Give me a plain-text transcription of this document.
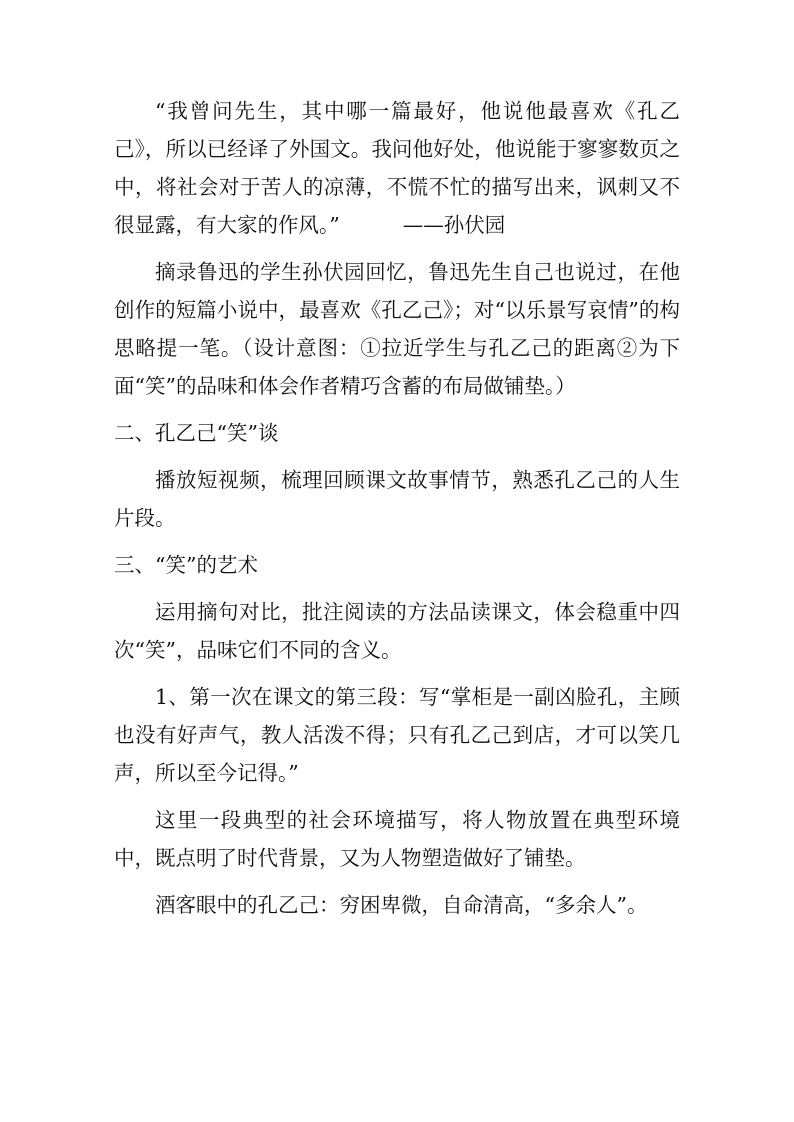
“我曾问先生，其中哪一篇最好，他说他最喜欢《孔乙己》，所以已经译了外国文。我问他好处，他说能于寥寥数页之中，将社会对于苦人的凉薄，不慌不忙的描写出来，讽刺又不很显露，有大家的作风。”	——孙伏园

摘录鲁迅的学生孙伏园回忆，鲁迅先生自己也说过，在他创作的短篇小说中，最喜欢《孔乙己》；对“以乐景写哀情”的构思略提一笔。（设计意图：①拉近学生与孔乙己的距离②为下面“笑”的品味和体会作者精巧含蓄的布局做铺垫。）

二、孔乙己“笑”谈

播放短视频，梳理回顾课文故事情节，熟悉孔乙己的人生片段。

三、“笑”的艺术

运用摘句对比，批注阅读的方法品读课文，体会稳重中四次“笑”，品味它们不同的含义。

1、第一次在课文的第三段：写“掌柜是一副凶脸孔，主顾也没有好声气，教人活泼不得；只有孔乙己到店，才可以笑几声，所以至今记得。”

这里一段典型的社会环境描写，将人物放置在典型环境中，既点明了时代背景，又为人物塑造做好了铺垫。

酒客眼中的孔乙己：穷困卑微，自命清高，“多余人”。
